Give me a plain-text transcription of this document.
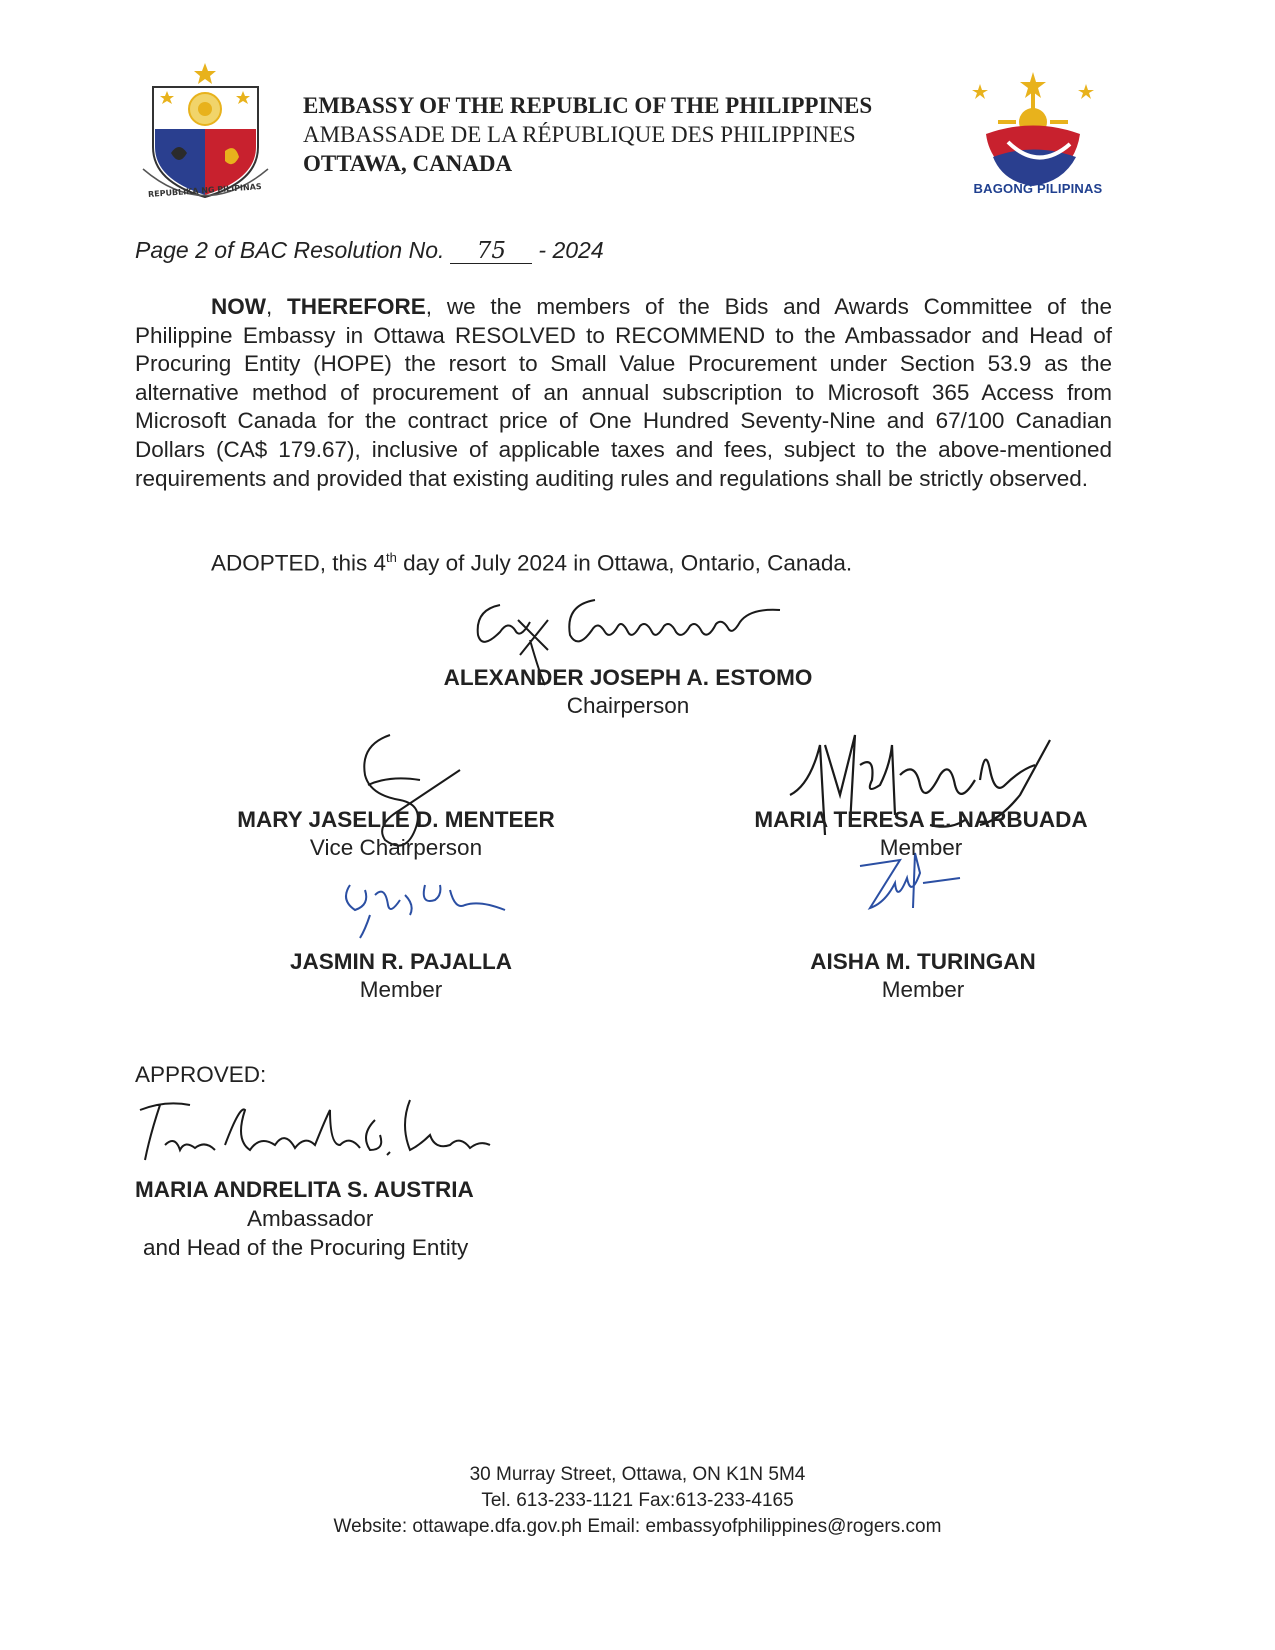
REPUBLIKA NG PILIPINAS
EMBASSY OF THE REPUBLIC OF THE PHILIPPINES
AMBASSADE DE LA RÉPUBLIQUE DES PHILIPPINES
OTTAWA, CANADA
BAGONG PILIPINAS
Page 2 of BAC Resolution No. 75 - 2024
NOW, THEREFORE, we the members of the Bids and Awards Committee of the Philippine Embassy in Ottawa RESOLVED to RECOMMEND to the Ambassador and Head of Procuring Entity (HOPE) the resort to Small Value Procurement under Section 53.9 as the alternative method of procurement of an annual subscription to Microsoft 365 Access from Microsoft Canada for the contract price of One Hundred Seventy-Nine and 67/100 Canadian Dollars (CA$ 179.67), inclusive of applicable taxes and fees, subject to the above-mentioned requirements and provided that existing auditing rules and regulations shall be strictly observed.
ADOPTED, this 4th day of July 2024 in Ottawa, Ontario, Canada.
ALEXANDER JOSEPH A. ESTOMO
Chairperson
MARY JASELLE D. MENTEER
Vice Chairperson
MARIA TERESA E. NARBUADA
Member
JASMIN R. PAJALLA
Member
AISHA M. TURINGAN
Member
APPROVED:
MARIA ANDRELITA S. AUSTRIA
Ambassador
and Head of the Procuring Entity
30 Murray Street, Ottawa, ON K1N 5M4
Tel. 613-233-1121 Fax:613-233-4165
Website: ottawape.dfa.gov.ph Email: embassyofphilippines@rogers.com
